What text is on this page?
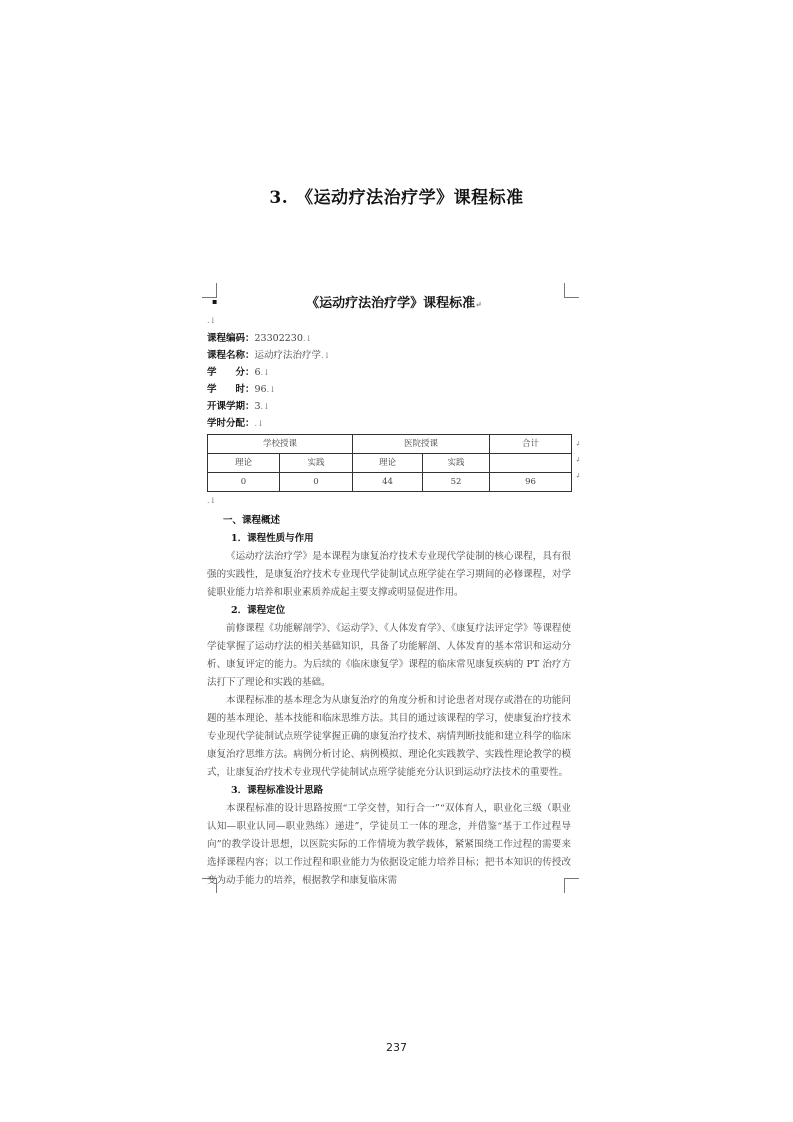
3. 《运动疗法治疗学》课程标准
▪	《运动疗法治疗学》课程标准↵
.↓
课程编码：23302230.↓
课程名称：运动疗法治疗学.↓
学　　分：6.↓
学　　时：96.↓
开课学期：3.↓
学时分配：.↓
学校授课		医院授课		合计
理论	实践	理论	实践	
0	0	44	52	96
↲
↲
↲
.↓
一、课程概述
1．课程性质与作用
《运动疗法治疗学》是本课程为康复治疗技术专业现代学徒制的核心课程，具有很强的实践性，是康复治疗技术专业现代学徒制试点班学徒在学习期间的必修课程，对学徒职业能力培养和职业素质养成起主要支撑或明显促进作用。
2．课程定位
前修课程《功能解剖学》、《运动学》、《人体发育学》、《康复疗法评定学》等课程使学徒掌握了运动疗法的相关基础知识，具备了功能解剖、人体发育的基本常识和运动分析、康复评定的能力。为后续的《临床康复学》课程的临床常见康复疾病的 PT 治疗方法打下了理论和实践的基础。
本课程标准的基本理念为从康复治疗的角度分析和讨论患者对现存或潜在的功能问题的基本理论、基本技能和临床思维方法。其目的通过该课程的学习，使康复治疗技术专业现代学徒制试点班学徒掌握正确的康复治疗技术、病情判断技能和建立科学的临床康复治疗思维方法。病例分析讨论、病例模拟、理论化实践教学、实践性理论教学的模式，让康复治疗技术专业现代学徒制试点班学徒能充分认识到运动疗法技术的重要性。
3．课程标准设计思路
本课程标准的设计思路按照“工学交替，知行合一”“双体育人，职业化三级（职业认知—职业认同—职业熟练）递进”，学徒员工一体的理念，并借鉴“基于工作过程导向”的教学设计思想，以医院实际的工作情境为教学载体，紧紧围绕工作过程的需要来选择课程内容；以工作过程和职业能力为依据设定能力培养目标；把书本知识的传授改变为动手能力的培养，根据教学和康复临床需
237
